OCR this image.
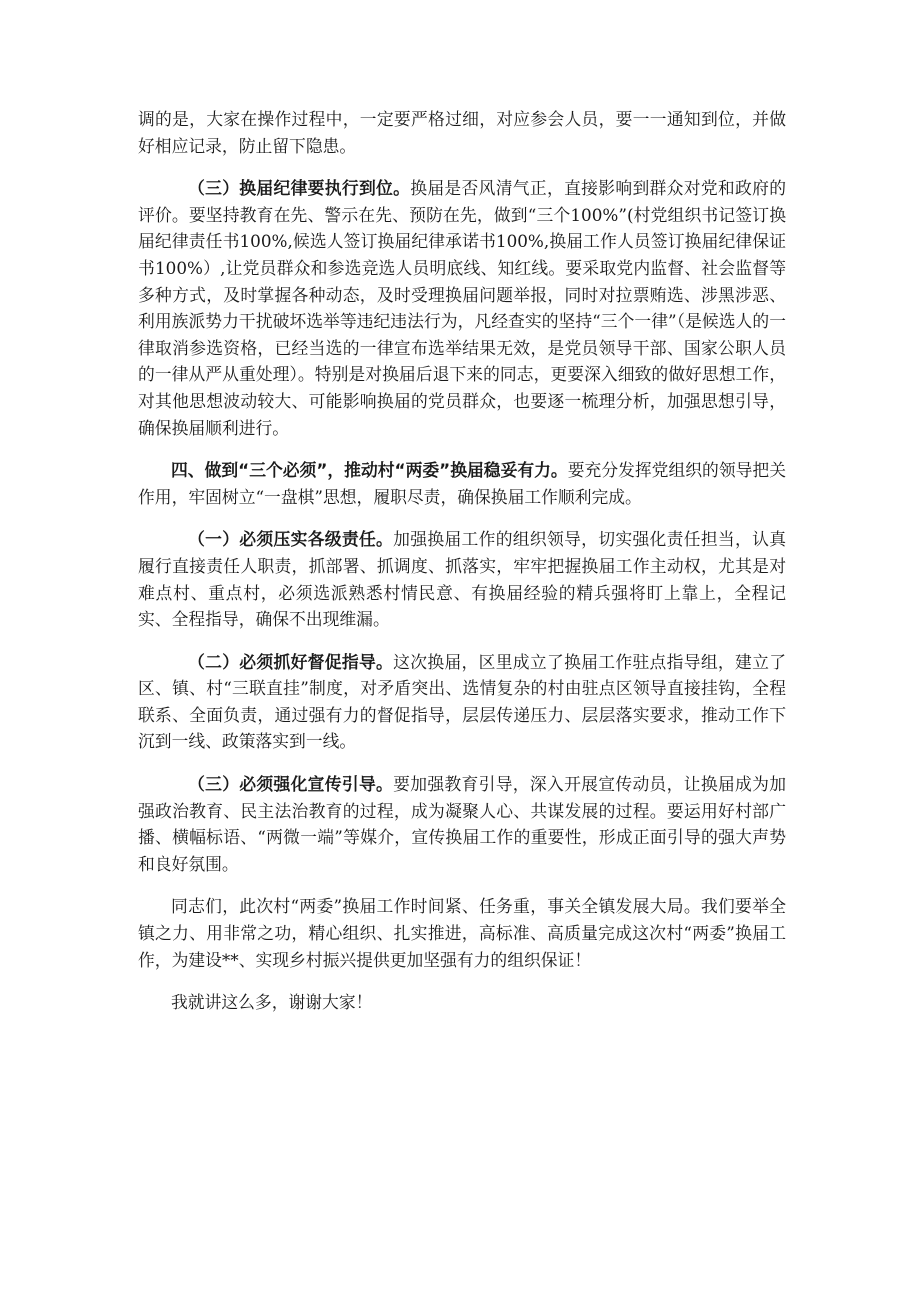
调的是，大家在操作过程中，一定要严格过细，对应参会人员，要一一通知到位，并做好相应记录，防止留下隐患。

（三）换届纪律要执行到位。换届是否风清气正，直接影响到群众对党和政府的评价。要坚持教育在先、警示在先、预防在先，做到“三个100%”(村党组织书记签订换届纪律责任书100%,候选人签订换届纪律承诺书100%,换届工作人员签订换届纪律保证书100%）,让党员群众和参选竞选人员明底线、知红线。要采取党内监督、社会监督等多种方式，及时掌握各种动态，及时受理换届问题举报，同时对拉票贿选、涉黑涉恶、利用族派势力干扰破坏选举等违纪违法行为，凡经查实的坚持“三个一律”（是候选人的一律取消参选资格，已经当选的一律宣布选举结果无效，是党员领导干部、国家公职人员的一律从严从重处理）。特别是对换届后退下来的同志，更要深入细致的做好思想工作，对其他思想波动较大、可能影响换届的党员群众，也要逐一梳理分析，加强思想引导，确保换届顺利进行。

四、做到“三个必须”，推动村“两委”换届稳妥有力。要充分发挥党组织的领导把关作用，牢固树立“一盘棋”思想，履职尽责，确保换届工作顺利完成。

（一）必须压实各级责任。加强换届工作的组织领导，切实强化责任担当，认真履行直接责任人职责，抓部署、抓调度、抓落实，牢牢把握换届工作主动权，尤其是对难点村、重点村，必须选派熟悉村情民意、有换届经验的精兵强将盯上靠上，全程记实、全程指导，确保不出现维漏。

（二）必须抓好督促指导。这次换届，区里成立了换届工作驻点指导组，建立了区、镇、村“三联直挂”制度，对矛盾突出、选情复杂的村由驻点区领导直接挂钩，全程联系、全面负责，通过强有力的督促指导，层层传递压力、层层落实要求，推动工作下沉到一线、政策落实到一线。

（三）必须强化宣传引导。要加强教育引导，深入开展宣传动员，让换届成为加强政治教育、民主法治教育的过程，成为凝聚人心、共谋发展的过程。要运用好村部广播、横幅标语、“两微一端”等媒介，宣传换届工作的重要性，形成正面引导的强大声势和良好氛围。

同志们，此次村“两委”换届工作时间紧、任务重，事关全镇发展大局。我们要举全镇之力、用非常之功，精心组织、扎实推进，高标准、高质量完成这次村“两委”换届工作，为建设**、实现乡村振兴提供更加坚强有力的组织保证！

我就讲这么多，谢谢大家！
